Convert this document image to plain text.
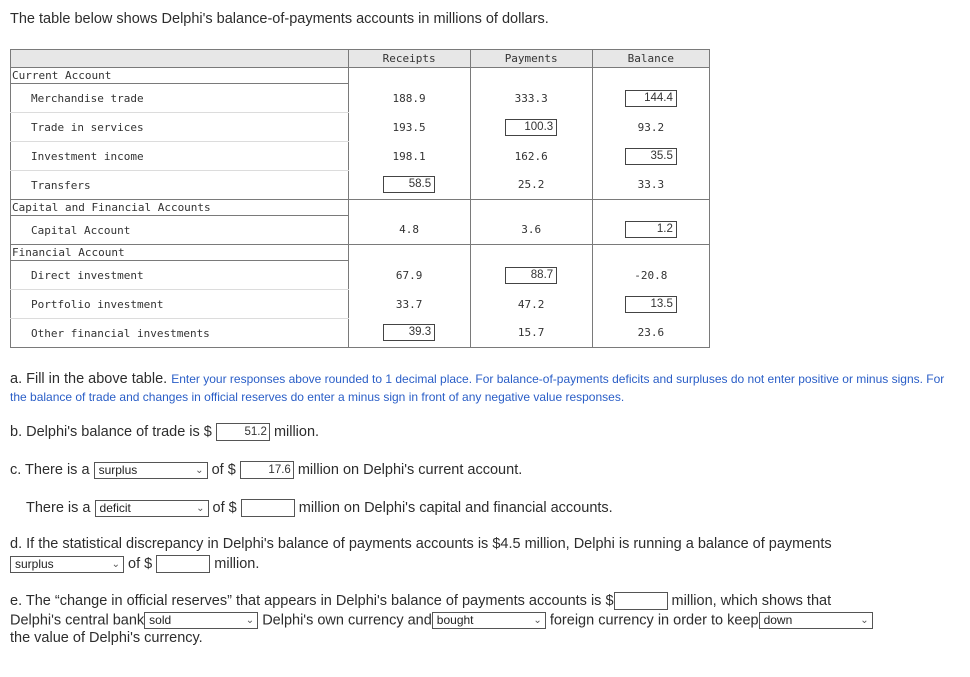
The table below shows Delphi's balance-of-payments accounts in millions of dollars.
	Receipts	Payments	Balance
Current Account			
Merchandise trade	188.9	333.3	144.4
Trade in services	193.5	100.3	93.2
Investment income	198.1	162.6	35.5
Transfers	58.5	25.2	33.3
Capital and Financial Accounts			
Capital Account	4.8	3.6	1.2
Financial Account			
Direct investment	67.9	88.7	-20.8
Portfolio investment	33.7	47.2	13.5
Other financial investments	39.3	15.7	23.6
a. Fill in the above table. Enter your responses above rounded to 1 decimal place. For balance-of-payments deficits and surpluses do not enter positive or minus signs. For the balance of trade and changes in official reserves do enter a minus sign in front of any negative value responses.
b. Delphi's balance of trade is $	51.2 million.
c. There is a surplus	⌄ of $	17.6 million on Delphi's current account.
There is a deficit	⌄ of $	million on Delphi's capital and financial accounts.
d. If the statistical discrepancy in Delphi's balance of payments accounts is $4.5 million, Delphi is running a balance of payments
surplus	⌄ of $	million.
e. The “change in official reserves” that appears in Delphi's balance of payments accounts is $	million, which shows that
Delphi's central bank sold	⌄ Delphi's own currency and bought	⌄ foreign currency in order to keep down	⌄
the value of Delphi's currency.
